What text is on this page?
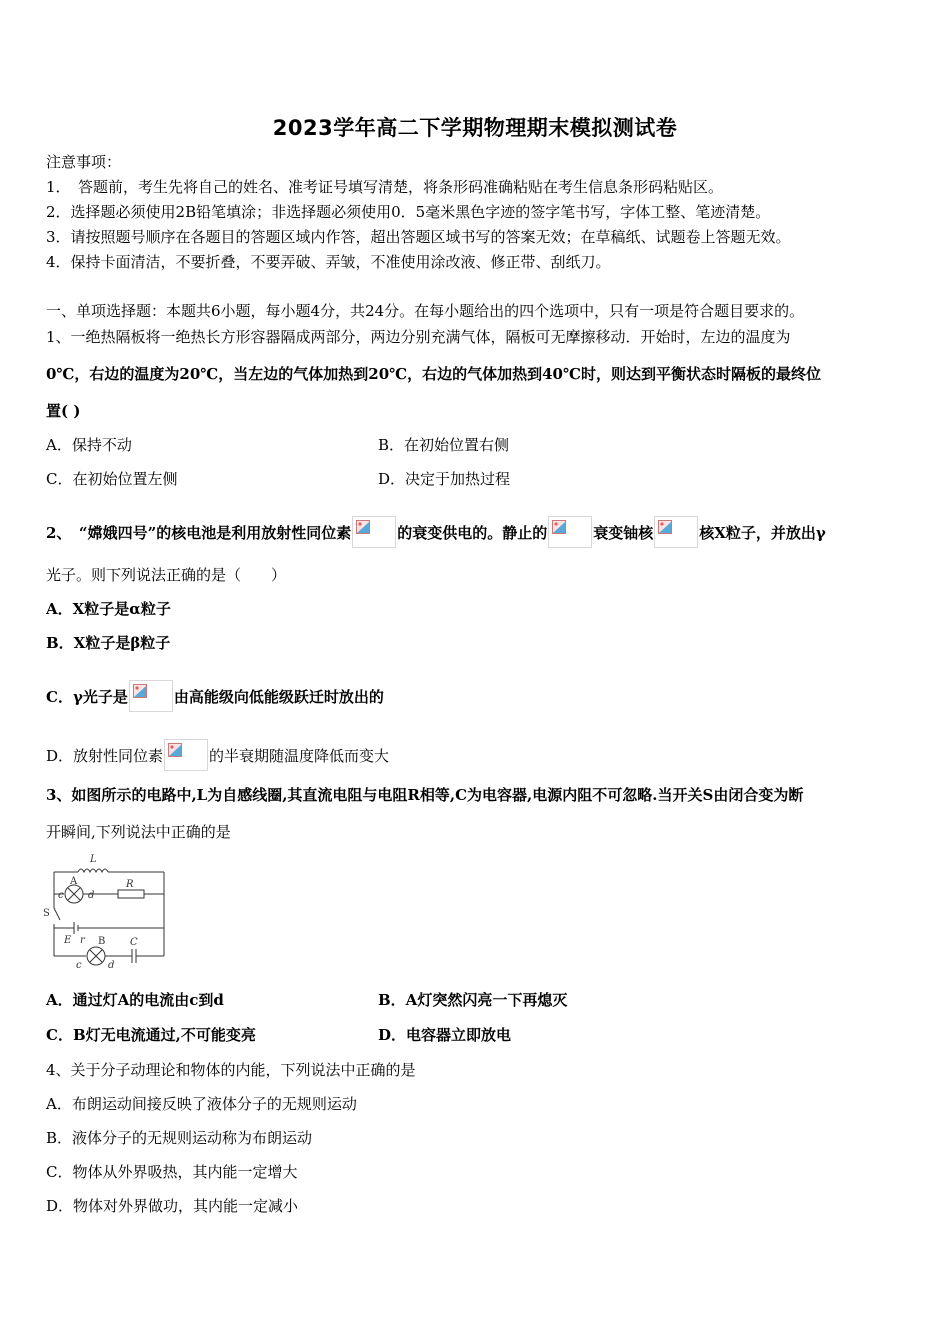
2023学年高二下学期物理期末模拟测试卷
注意事项：
1．　答题前，考生先将自己的姓名、准考证号填写清楚，将条形码准确粘贴在考生信息条形码粘贴区。
2．选择题必须使用2B铅笔填涂；非选择题必须使用0．5毫米黑色字迹的签字笔书写，字体工整、笔迹清楚。
3．请按照题号顺序在各题目的答题区域内作答，超出答题区域书写的答案无效；在草稿纸、试题卷上答题无效。
4．保持卡面清洁，不要折叠，不要弄破、弄皱，不准使用涂改液、修正带、刮纸刀。
一、单项选择题：本题共6小题，每小题4分，共24分。在每小题给出的四个选项中，只有一项是符合题目要求的。
1、一绝热隔板将一绝热长方形容器隔成两部分，两边分别充满气体，隔板可无摩擦移动．开始时，左边的温度为
0℃，右边的温度为20℃，当左边的气体加热到20℃，右边的气体加热到40℃时，则达到平衡状态时隔板的最终位
置( )
A．保持不动	B．在初始位置右侧
C．在初始位置左侧	D．决定于加热过程
2、　“嫦娥四号”的核电池是利用放射性同位素	的衰变供电的。静止的	衰变铀核	核X粒子，并放出γ
光子。则下列说法正确的是（　　）
A．X粒子是α粒子
B．X粒子是β粒子
C．γ光子是	由高能级向低能级跃迁时放出的
D．放射性同位素	的半衰期随温度降低而变大
3、如图所示的电路中,L为自感线圈,其直流电阻与电阻R相等,C为电容器,电源内阻不可忽略.当开关S由闭合变为断
开瞬间,下列说法中正确的是
L
A
c d
R
S
E r B
c	d
C
A．通过灯A的电流由c到d	B．A灯突然闪亮一下再熄灭
C．B灯无电流通过,不可能变亮	D．电容器立即放电
4、关于分子动理论和物体的内能，下列说法中正确的是
A．布朗运动间接反映了液体分子的无规则运动
B．液体分子的无规则运动称为布朗运动
C．物体从外界吸热，其内能一定增大
D．物体对外界做功，其内能一定减小
